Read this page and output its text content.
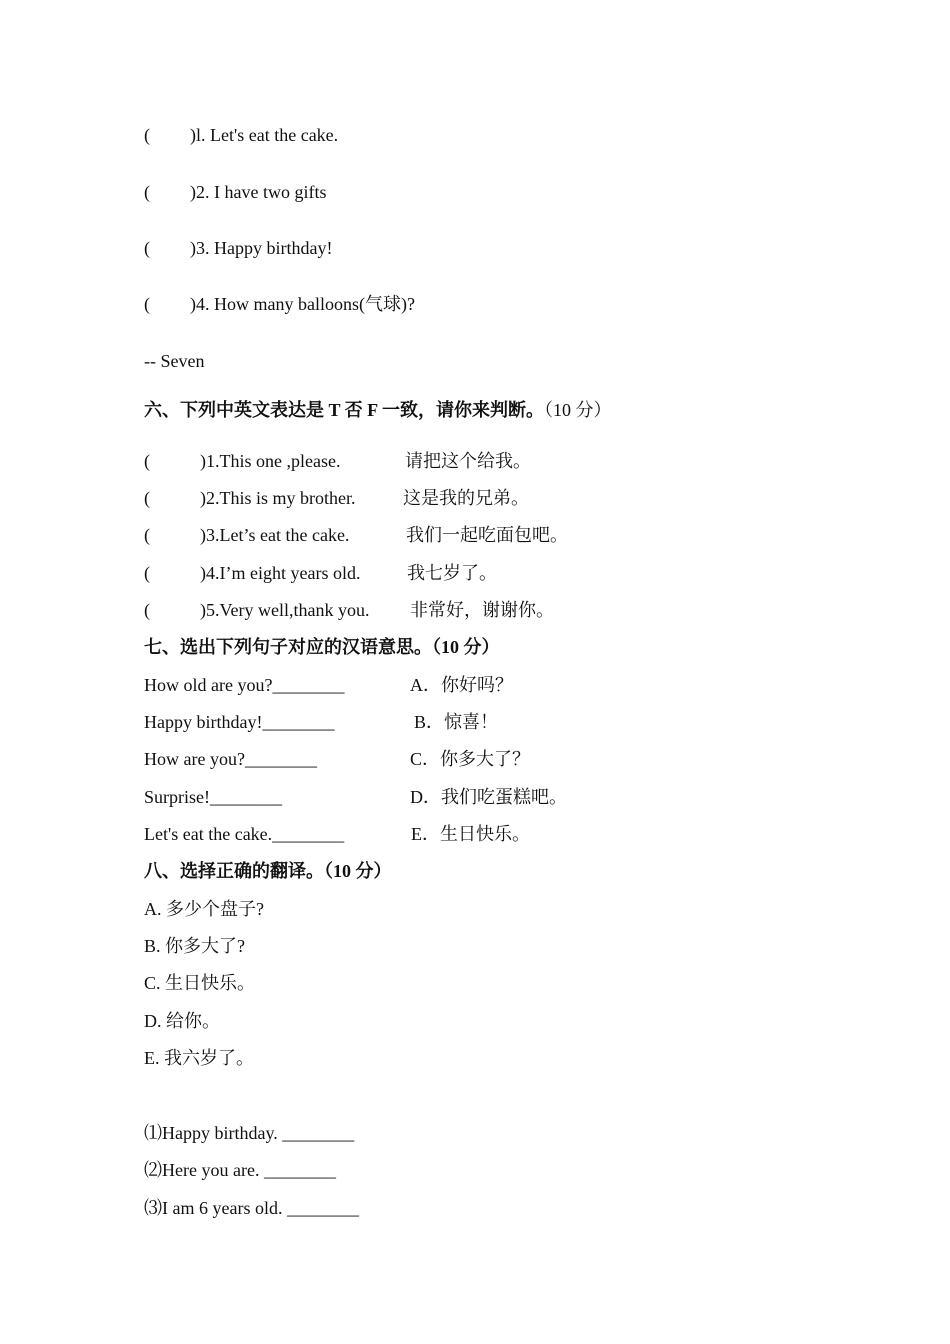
( )l. Let's eat the cake.
( )2. I have two gifts
( )3. Happy birthday!
( )4. How many balloons(气球)?
-- Seven
六、下列中英文表达是 T 否 F 一致，请你来判断。（10 分）
(	)1.This one ,please.	请把这个给我。
(	)2.This is my brother.	这是我的兄弟。
(	)3.Let’s eat the cake.	我们一起吃面包吧。
(	)4.I’m eight years old.	我七岁了。
(	)5.Very well,thank you. 非常好，谢谢你。
七、选出下列句子对应的汉语意思。（10 分）
How old are you?________	A．你好吗？
Happy birthday!________	B．惊喜！
How are you?________	C．你多大了？
Surprise!________	D．我们吃蛋糕吧。
Let's eat the cake.________	E．生日快乐。
八、选择正确的翻译。（10 分）
A. 多少个盘子?
B. 你多大了?
C. 生日快乐。
D. 给你。
E. 我六岁了。
⑴Happy birthday. ________
⑵Here you are. ________
⑶I am 6 years old. ________
